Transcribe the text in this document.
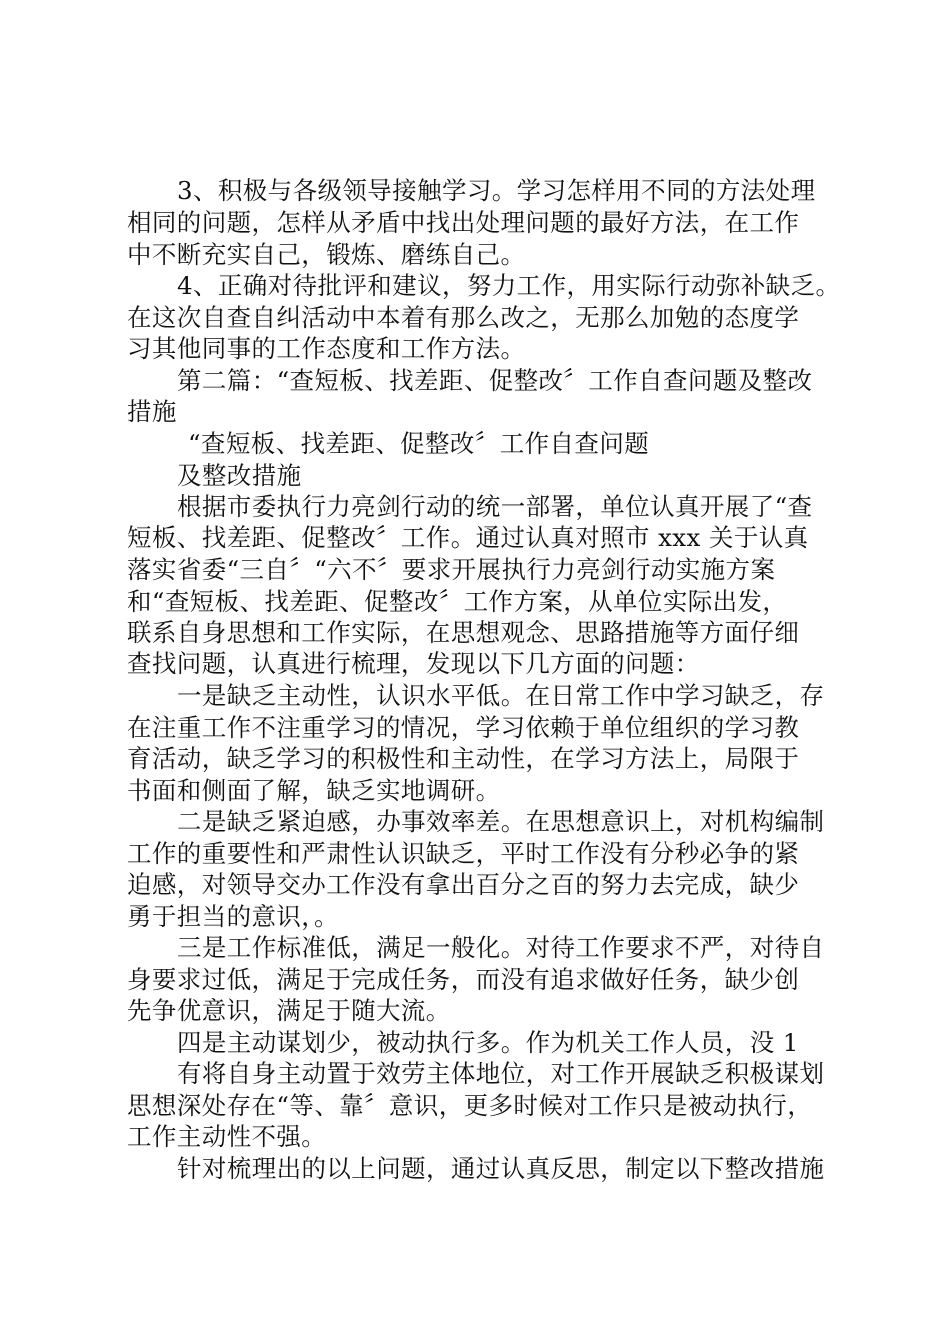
3、积极与各级领导接触学习。学习怎样用不同的方法处理
相同的问题，怎样从矛盾中找出处理问题的最好方法，在工作
中不断充实自己，锻炼、磨练自己。
4、正确对待批评和建议，努力工作，用实际行动弥补缺乏。
在这次自查自纠活动中本着有那么改之，无那么加勉的态度学
习其他同事的工作态度和工作方法。
第二篇：“查短板、找差距、促整改〞工作自查问题及整改
措施
“查短板、找差距、促整改〞工作自查问题
及整改措施
根据市委执行力亮剑行动的统一部署，单位认真开展了“查
短板、找差距、促整改〞工作。通过认真对照市 xxx 关于认真
落实省委“三自〞“六不〞要求开展执行力亮剑行动实施方案
和“查短板、找差距、促整改〞工作方案，从单位实际出发，
联系自身思想和工作实际，在思想观念、思路措施等方面仔细
查找问题，认真进行梳理，发现以下几方面的问题：
一是缺乏主动性，认识水平低。在日常工作中学习缺乏，存
在注重工作不注重学习的情况，学习依赖于单位组织的学习教
育活动，缺乏学习的积极性和主动性，在学习方法上，局限于
书面和侧面了解，缺乏实地调研。
二是缺乏紧迫感，办事效率差。在思想意识上，对机构编制
工作的重要性和严肃性认识缺乏，平时工作没有分秒必争的紧
迫感，对领导交办工作没有拿出百分之百的努力去完成，缺少
勇于担当的意识，。
三是工作标准低，满足一般化。对待工作要求不严，对待自
身要求过低，满足于完成任务，而没有追求做好任务，缺少创
先争优意识，满足于随大流。
四是主动谋划少，被动执行多。作为机关工作人员，没 1
有将自身主动置于效劳主体地位，对工作开展缺乏积极谋划
思想深处存在“等、靠〞意识，更多时候对工作只是被动执行，
工作主动性不强。
针对梳理出的以上问题，通过认真反思，制定以下整改措施
